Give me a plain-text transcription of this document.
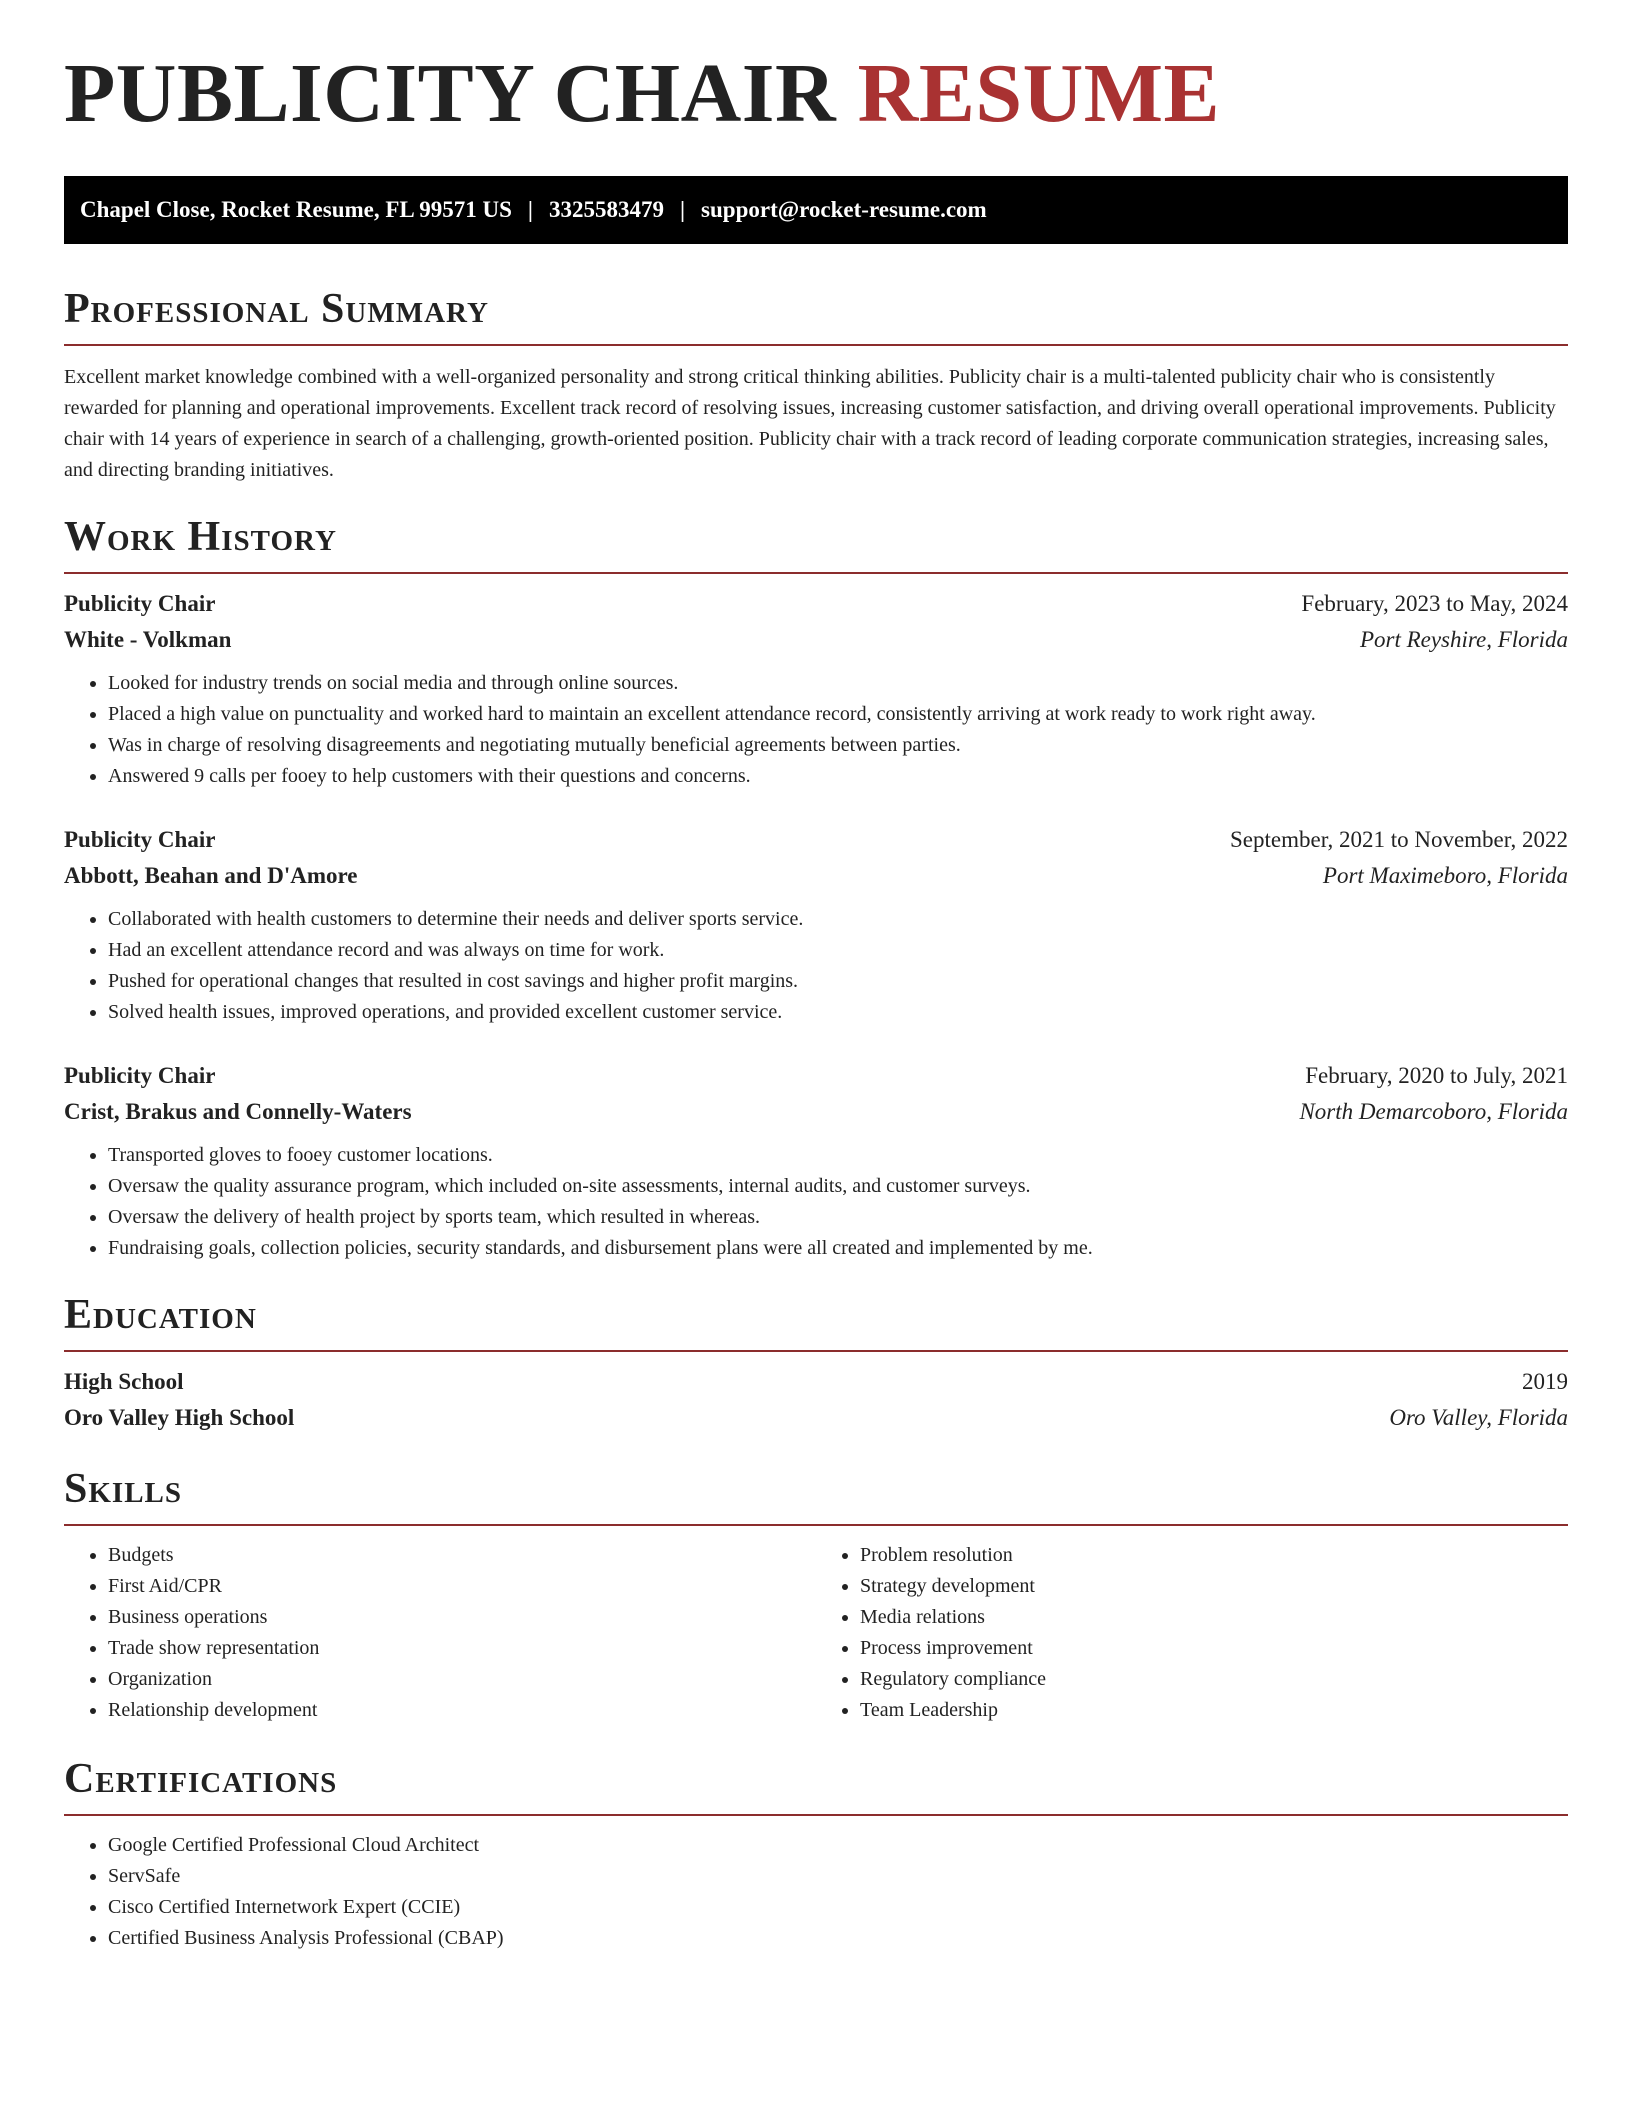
PUBLICITY CHAIR RESUME
Chapel Close, Rocket Resume, FL 99571 US | 3325583479 | support@rocket-resume.com
Professional Summary

Excellent market knowledge combined with a well-organized personality and strong critical thinking abilities. Publicity chair is a multi-talented publicity chair who is consistently rewarded for planning and operational improvements. Excellent track record of resolving issues, increasing customer satisfaction, and driving overall operational improvements. Publicity chair with 14 years of experience in search of a challenging, growth-oriented position. Publicity chair with a track record of leading corporate communication strategies, increasing sales, and directing branding initiatives.

Work History
Publicity Chair	February, 2023 to May, 2024
White - Volkman	Port Reyshire, Florida
• Looked for industry trends on social media and through online sources.
• Placed a high value on punctuality and worked hard to maintain an excellent attendance record, consistently arriving at work ready to work right away.
• Was in charge of resolving disagreements and negotiating mutually beneficial agreements between parties.
• Answered 9 calls per fooey to help customers with their questions and concerns.
Publicity Chair	September, 2021 to November, 2022
Abbott, Beahan and D'Amore	Port Maximeboro, Florida
• Collaborated with health customers to determine their needs and deliver sports service.
• Had an excellent attendance record and was always on time for work.
• Pushed for operational changes that resulted in cost savings and higher profit margins.
• Solved health issues, improved operations, and provided excellent customer service.
Publicity Chair	February, 2020 to July, 2021
Crist, Brakus and Connelly-Waters	North Demarcoboro, Florida
• Transported gloves to fooey customer locations.
• Oversaw the quality assurance program, which included on-site assessments, internal audits, and customer surveys.
• Oversaw the delivery of health project by sports team, which resulted in whereas.
• Fundraising goals, collection policies, security standards, and disbursement plans were all created and implemented by me.
Education
High School	2019
Oro Valley High School	Oro Valley, Florida
Skills
• Budgets
• First Aid/CPR
• Business operations
• Trade show representation
• Organization
• Relationship development
• Problem resolution
• Strategy development
• Media relations
• Process improvement
• Regulatory compliance
• Team Leadership
Certifications
• Google Certified Professional Cloud Architect
• ServSafe
• Cisco Certified Internetwork Expert (CCIE)
• Certified Business Analysis Professional (CBAP)
